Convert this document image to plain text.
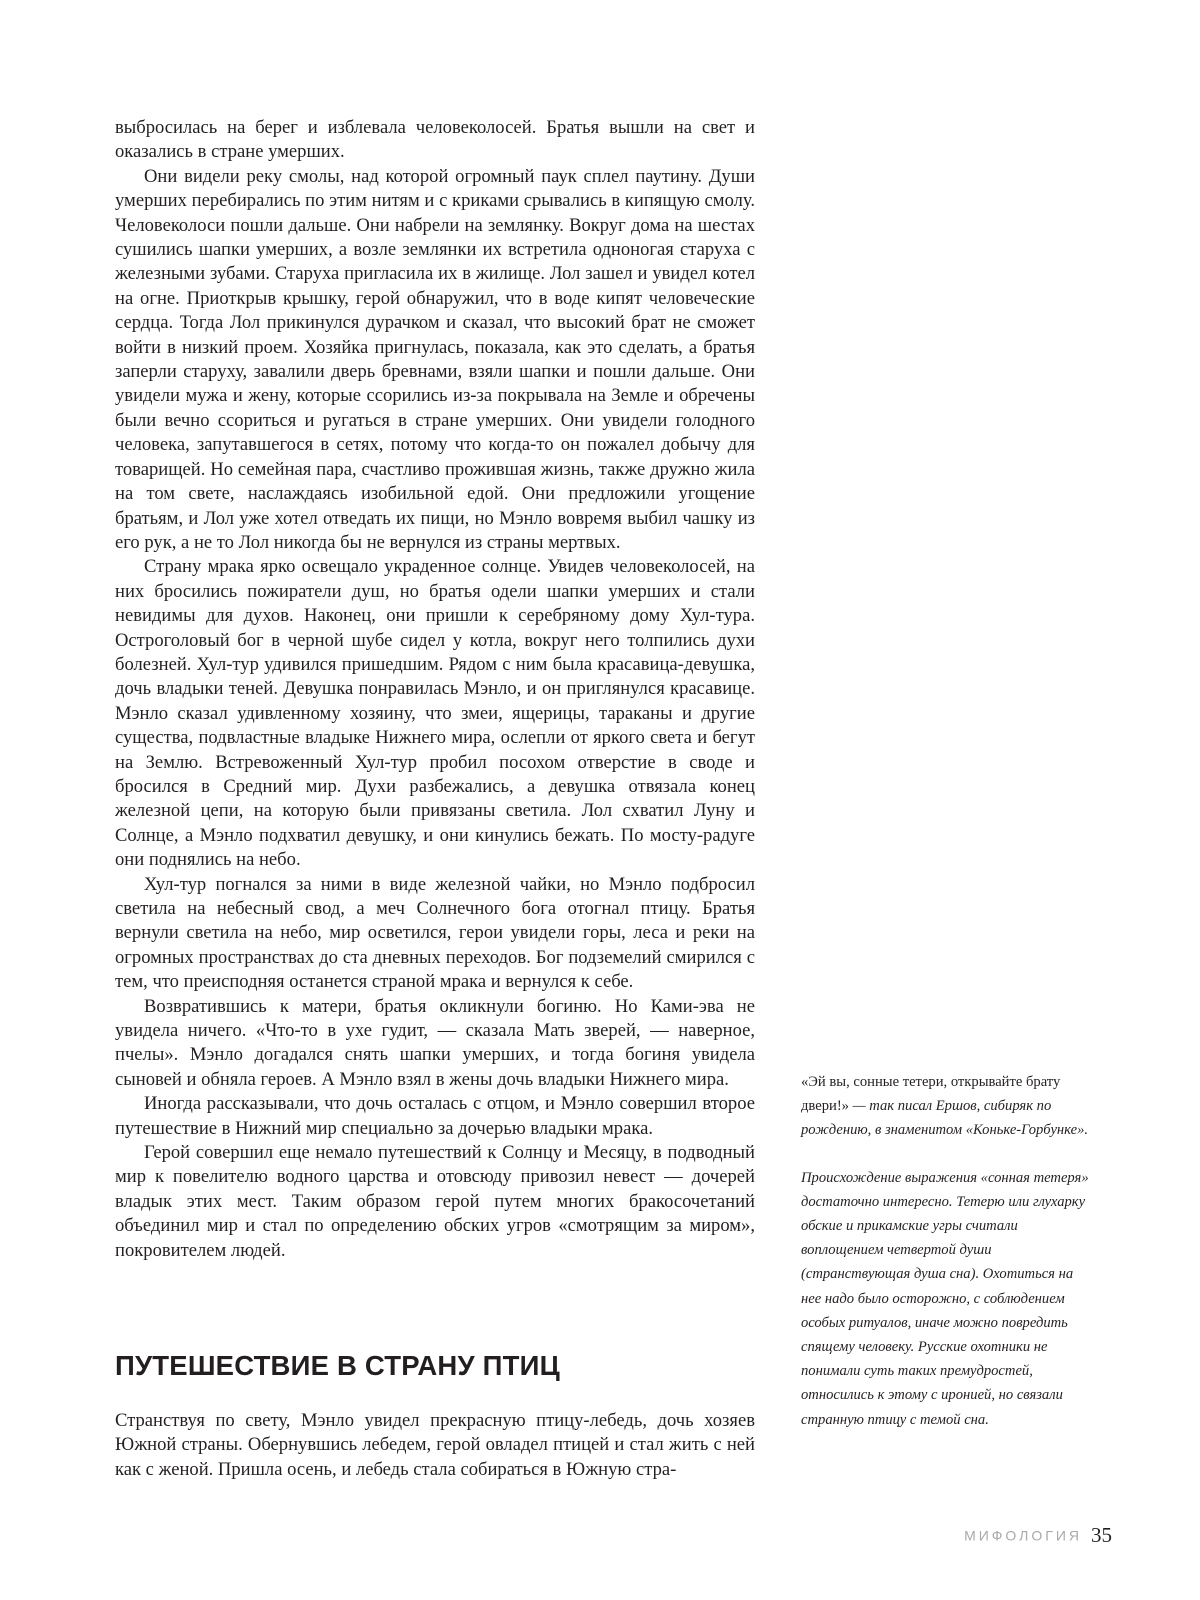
выбросилась на берег и изблевала человеколосей. Братья вышли на свет и оказались в стране умерших.

Они видели реку смолы, над которой огромный паук сплел паутину. Души умерших перебирались по этим нитям и с криками срывались в кипящую смолу. Человеколоси пошли дальше. Они набрели на землянку. Вокруг дома на шестах сушились шапки умерших, а возле землянки их встретила одноногая старуха с железными зубами. Старуха пригласила их в жилище. Лол зашел и увидел котел на огне. Приоткрыв крышку, герой обнаружил, что в воде кипят человеческие сердца. Тогда Лол прикинулся дурачком и сказал, что высокий брат не сможет войти в низкий проем. Хозяйка пригнулась, показала, как это сделать, а братья заперли старуху, завалили дверь бревнами, взяли шапки и пошли дальше. Они увидели мужа и жену, которые ссорились из-за покрывала на Земле и обречены были вечно ссориться и ругаться в стране умерших. Они увидели голодного человека, запутавшегося в сетях, потому что когда-то он пожалел добычу для товарищей. Но семейная пара, счастливо прожившая жизнь, также дружно жила на том свете, наслаждаясь изобильной едой. Они предложили угощение братьям, и Лол уже хотел отведать их пищи, но Мэнло вовремя выбил чашку из его рук, а не то Лол никогда бы не вернулся из страны мертвых.

Страну мрака ярко освещало украденное солнце. Увидев человеколосей, на них бросились пожиратели душ, но братья одели шапки умерших и стали невидимы для духов. Наконец, они пришли к серебряному дому Хул-тура. Остроголовый бог в черной шубе сидел у котла, вокруг него толпились духи болезней. Хул-тур удивился пришедшим. Рядом с ним была красавица-девушка, дочь владыки теней. Девушка понравилась Мэнло, и он приглянулся красавице. Мэнло сказал удивленному хозяину, что змеи, ящерицы, тараканы и другие существа, подвластные владыке Нижнего мира, ослепли от яркого света и бегут на Землю. Встревоженный Хул-тур пробил посохом отверстие в своде и бросился в Средний мир. Духи разбежались, а девушка отвязала конец железной цепи, на которую были привязаны светила. Лол схватил Луну и Солнце, а Мэнло подхватил девушку, и они кинулись бежать. По мосту-радуге они поднялись на небо.

Хул-тур погнался за ними в виде железной чайки, но Мэнло подбросил светила на небесный свод, а меч Солнечного бога отогнал птицу. Братья вернули светила на небо, мир осветился, герои увидели горы, леса и реки на огромных пространствах до ста дневных переходов. Бог подземелий смирился с тем, что преисподняя останется страной мрака и вернулся к себе.

Возвратившись к матери, братья окликнули богиню. Но Ками-эва не увидела ничего. «Что-то в ухе гудит, — сказала Мать зверей, — наверное, пчелы». Мэнло догадался снять шапки умерших, и тогда богиня увидела сыновей и обняла героев. А Мэнло взял в жены дочь владыки Нижнего мира.

Иногда рассказывали, что дочь осталась с отцом, и Мэнло совершил второе путешествие в Нижний мир специально за дочерью владыки мрака.

Герой совершил еще немало путешествий к Солнцу и Месяцу, в подводный мир к повелителю водного царства и отовсюду привозил невест — дочерей владык этих мест. Таким образом герой путем многих бракосочетаний объединил мир и стал по определению обских угров «смотрящим за миром», покровителем людей.

ПУТЕШЕСТВИЕ В СТРАНУ ПТИЦ

Странствуя по свету, Мэнло увидел прекрасную птицу-лебедь, дочь хозяев Южной страны. Обернувшись лебедем, герой овладел птицей и стал жить с ней как с женой. Пришла осень, и лебедь стала собираться в Южную стра-

«Эй вы, сонные тетери, открывайте брату двери!» — так писал Ершов, сибиряк по рождению, в знаменитом «Коньке-Горбунке».

Происхождение выражения «сонная тетеря» достаточно интересно. Тетерю или глухарку обские и прикамские угры считали воплощением четвертой души (странствующая душа сна). Охотиться на нее надо было осторожно, с соблюдением особых ритуалов, иначе можно повредить спящему человеку. Русские охотники не понимали суть таких премудростей, относились к этому с иронией, но связали странную птицу с темой сна.

МИФОЛОГИЯ 35
